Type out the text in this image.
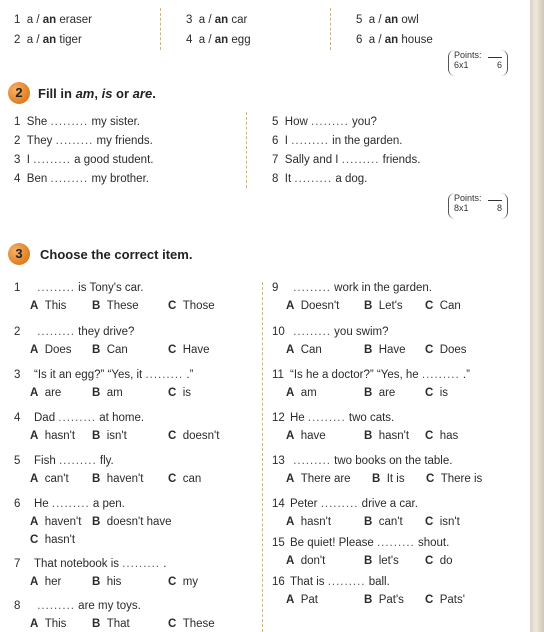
1 a / an eraser
2 a / an tiger
3 a / an car
4 a / an egg
5 a / an owl
6 a / an house
Points:
6x1	6
2	Fill in am, is or are.
1 She ......... my sister.
2 They ......... my friends.
3 I ......... a good student.
4 Ben ......... my brother.
5 How ......... you?
6 I ......... in the garden.
7 Sally and I ......... friends.
8 It ......... a dog.
Points:
8x1	8
3	Choose the correct item.
1 ......... is Tony's car.
A This B These	C Those
2 ......... they drive?
A Does B Can	C Have
3 “Is it an egg?” “Yes, it ......... .”
A are	B am	C is
4 Dad ......... at home.
A hasn't B isn't	C doesn't
5 Fish ......... fly.
A can't B haven't C can
6 He ......... a pen.
A haven't B doesn't have
C hasn't
7 That notebook is ......... .
A her	B his	C my
8 ......... are my toys.
A This B That	C These
9 ......... work in the garden.
A Doesn't B Let's C Can
10 ......... you swim?
A Can	B Have C Does
11 “Is he a doctor?” “Yes, he ......... .”
A am	B are	C is
12 He ......... two cats.
A have	B hasn't C has
13 ......... two books on the table.
A There are B It is C There is
14 Peter ......... drive a car.
A hasn't	B can't C isn't
15 Be quiet! Please ......... shout.
A don't	B let's C do
16 That is ......... ball.
A Pat	B Pat's C Pats'
